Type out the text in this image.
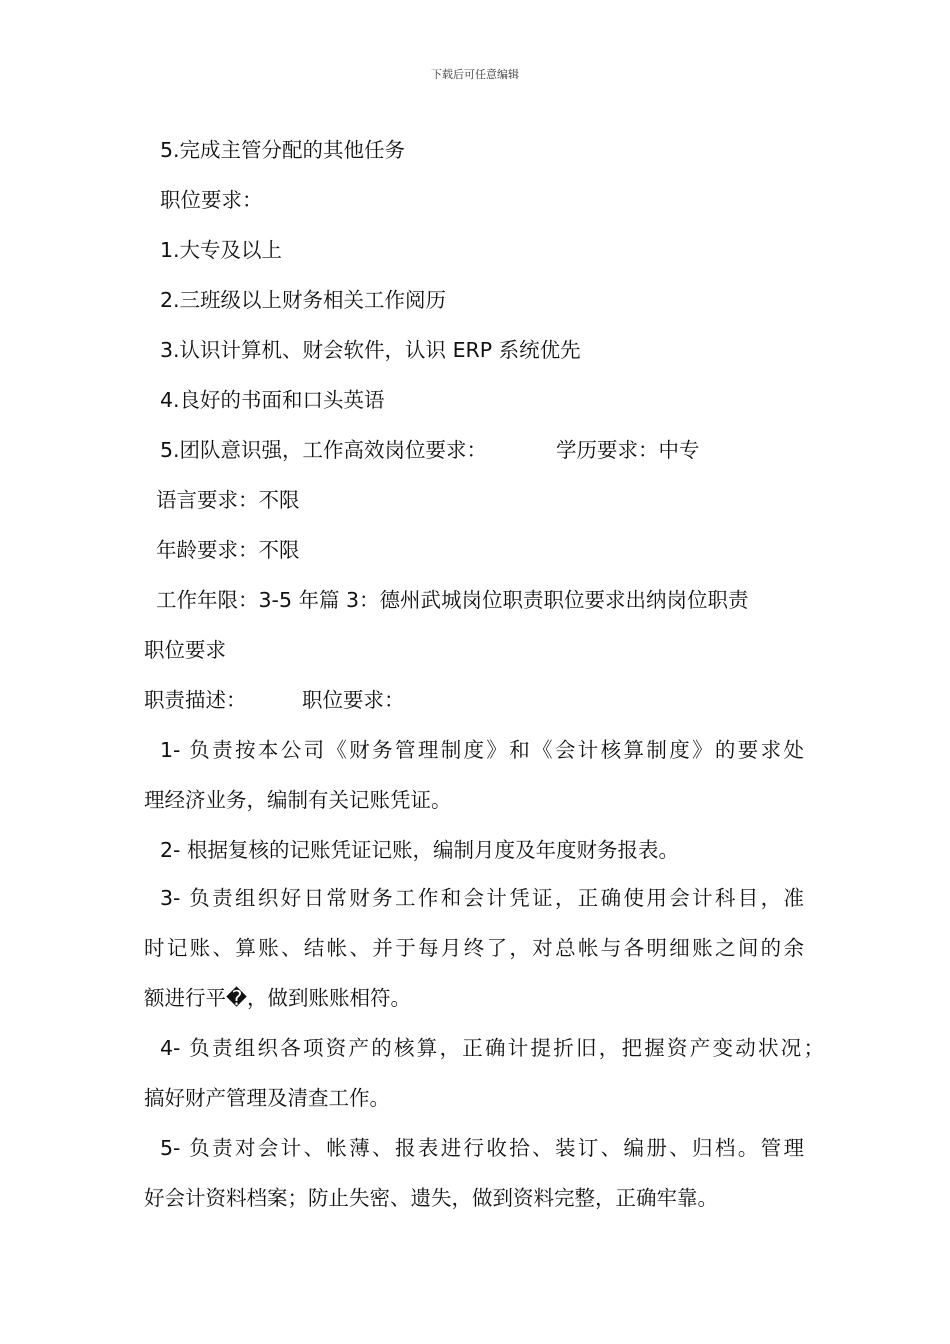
下载后可任意编辑
5.完成主管分配的其他任务
职位要求：
1.大专及以上
2.三班级以上财务相关工作阅历
3.认识计算机、财会软件，认识 ERP 系统优先
4.良好的书面和口头英语
5.团队意识强，工作高效岗位要求：	学历要求：中专
语言要求：不限
年龄要求：不限
工作年限：3-5 年篇 3：德州武城岗位职责职位要求出纳岗位职责
职位要求
职责描述：	职位要求：
1- 负责按本公司《财务管理制度》和《会计核算制度》的要求处
理经济业务，编制有关记账凭证。
2- 根据复核的记账凭证记账，编制月度及年度财务报表。
3- 负责组织好日常财务工作和会计凭证，正确使用会计科目，准
时记账、算账、结帐、并于每月终了，对总帐与各明细账之间的余
额进行平�，做到账账相符。
4- 负责组织各项资产的核算，正确计提折旧，把握资产变动状况；
搞好财产管理及清查工作。
5- 负责对会计、帐薄、报表进行收拾、装订、编册、归档。管理
好会计资料档案；防止失密、遗失，做到资料完整，正确牢靠。
